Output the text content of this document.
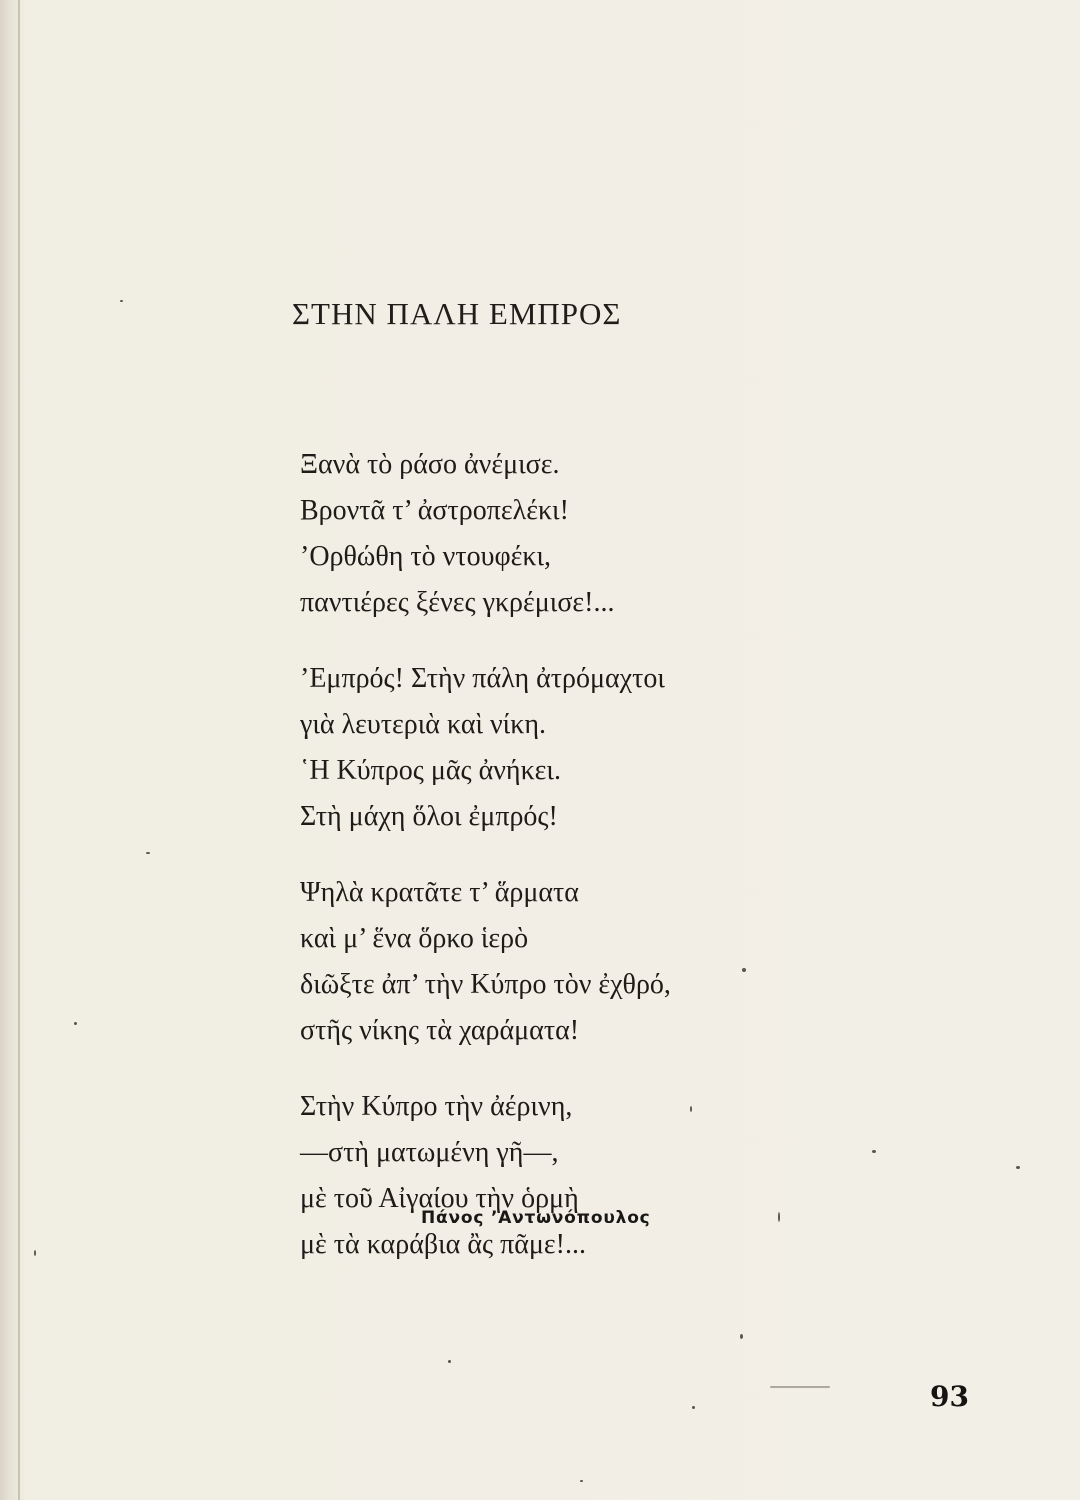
ΣΤΗΝ ΠΑΛΗ ΕΜΠΡΟΣ
Ξανὰ τὸ ράσο ἀνέμισε.
Βροντᾶ τ’ ἀστροπελέκι!
’Ορθώθη τὸ ντουφέκι,
παντιέρες ξένες γκρέμισε!...
’Εμπρός! Στὴν πάλη ἀτρόμαχτοι
γιὰ λευτεριὰ καὶ νίκη.
῾Η Κύπρος μᾶς ἀνήκει.
Στὴ μάχη ὅλοι ἐμπρός!
Ψηλὰ κρατᾶτε τ’ ἅρματα
καὶ μ’ ἕνα ὅρκο ἱερὸ
διῶξτε ἀπ’ τὴν Κύπρο τὸν ἐχθρό,
στῆς νίκης τὰ χαράματα!
Στὴν Κύπρο τὴν ἀέρινη,
—στὴ ματωμένη γῆ—,
μὲ τοῦ Αἰγαίου τὴν ὁρμὴ
μὲ τὰ καράβια ἂς πᾶμε!...
Πάνος ’Αντωνόπουλος
93
